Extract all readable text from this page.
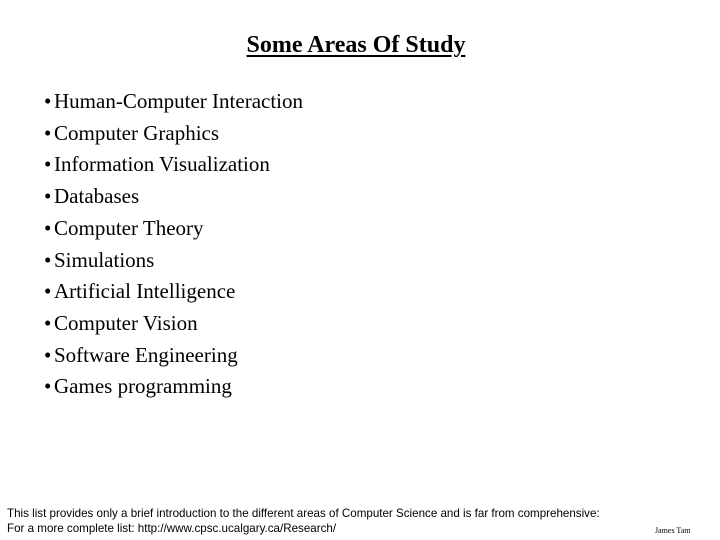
Some Areas Of Study
• Human-Computer Interaction
• Computer Graphics
• Information Visualization
• Databases
• Computer Theory
• Simulations
• Artificial Intelligence
• Computer Vision
• Software Engineering
• Games programming
This list provides only a brief introduction to the different areas of Computer Science and is far from comprehensive:
For a more complete list: http://www.cpsc.ucalgary.ca/Research/	James Tam
